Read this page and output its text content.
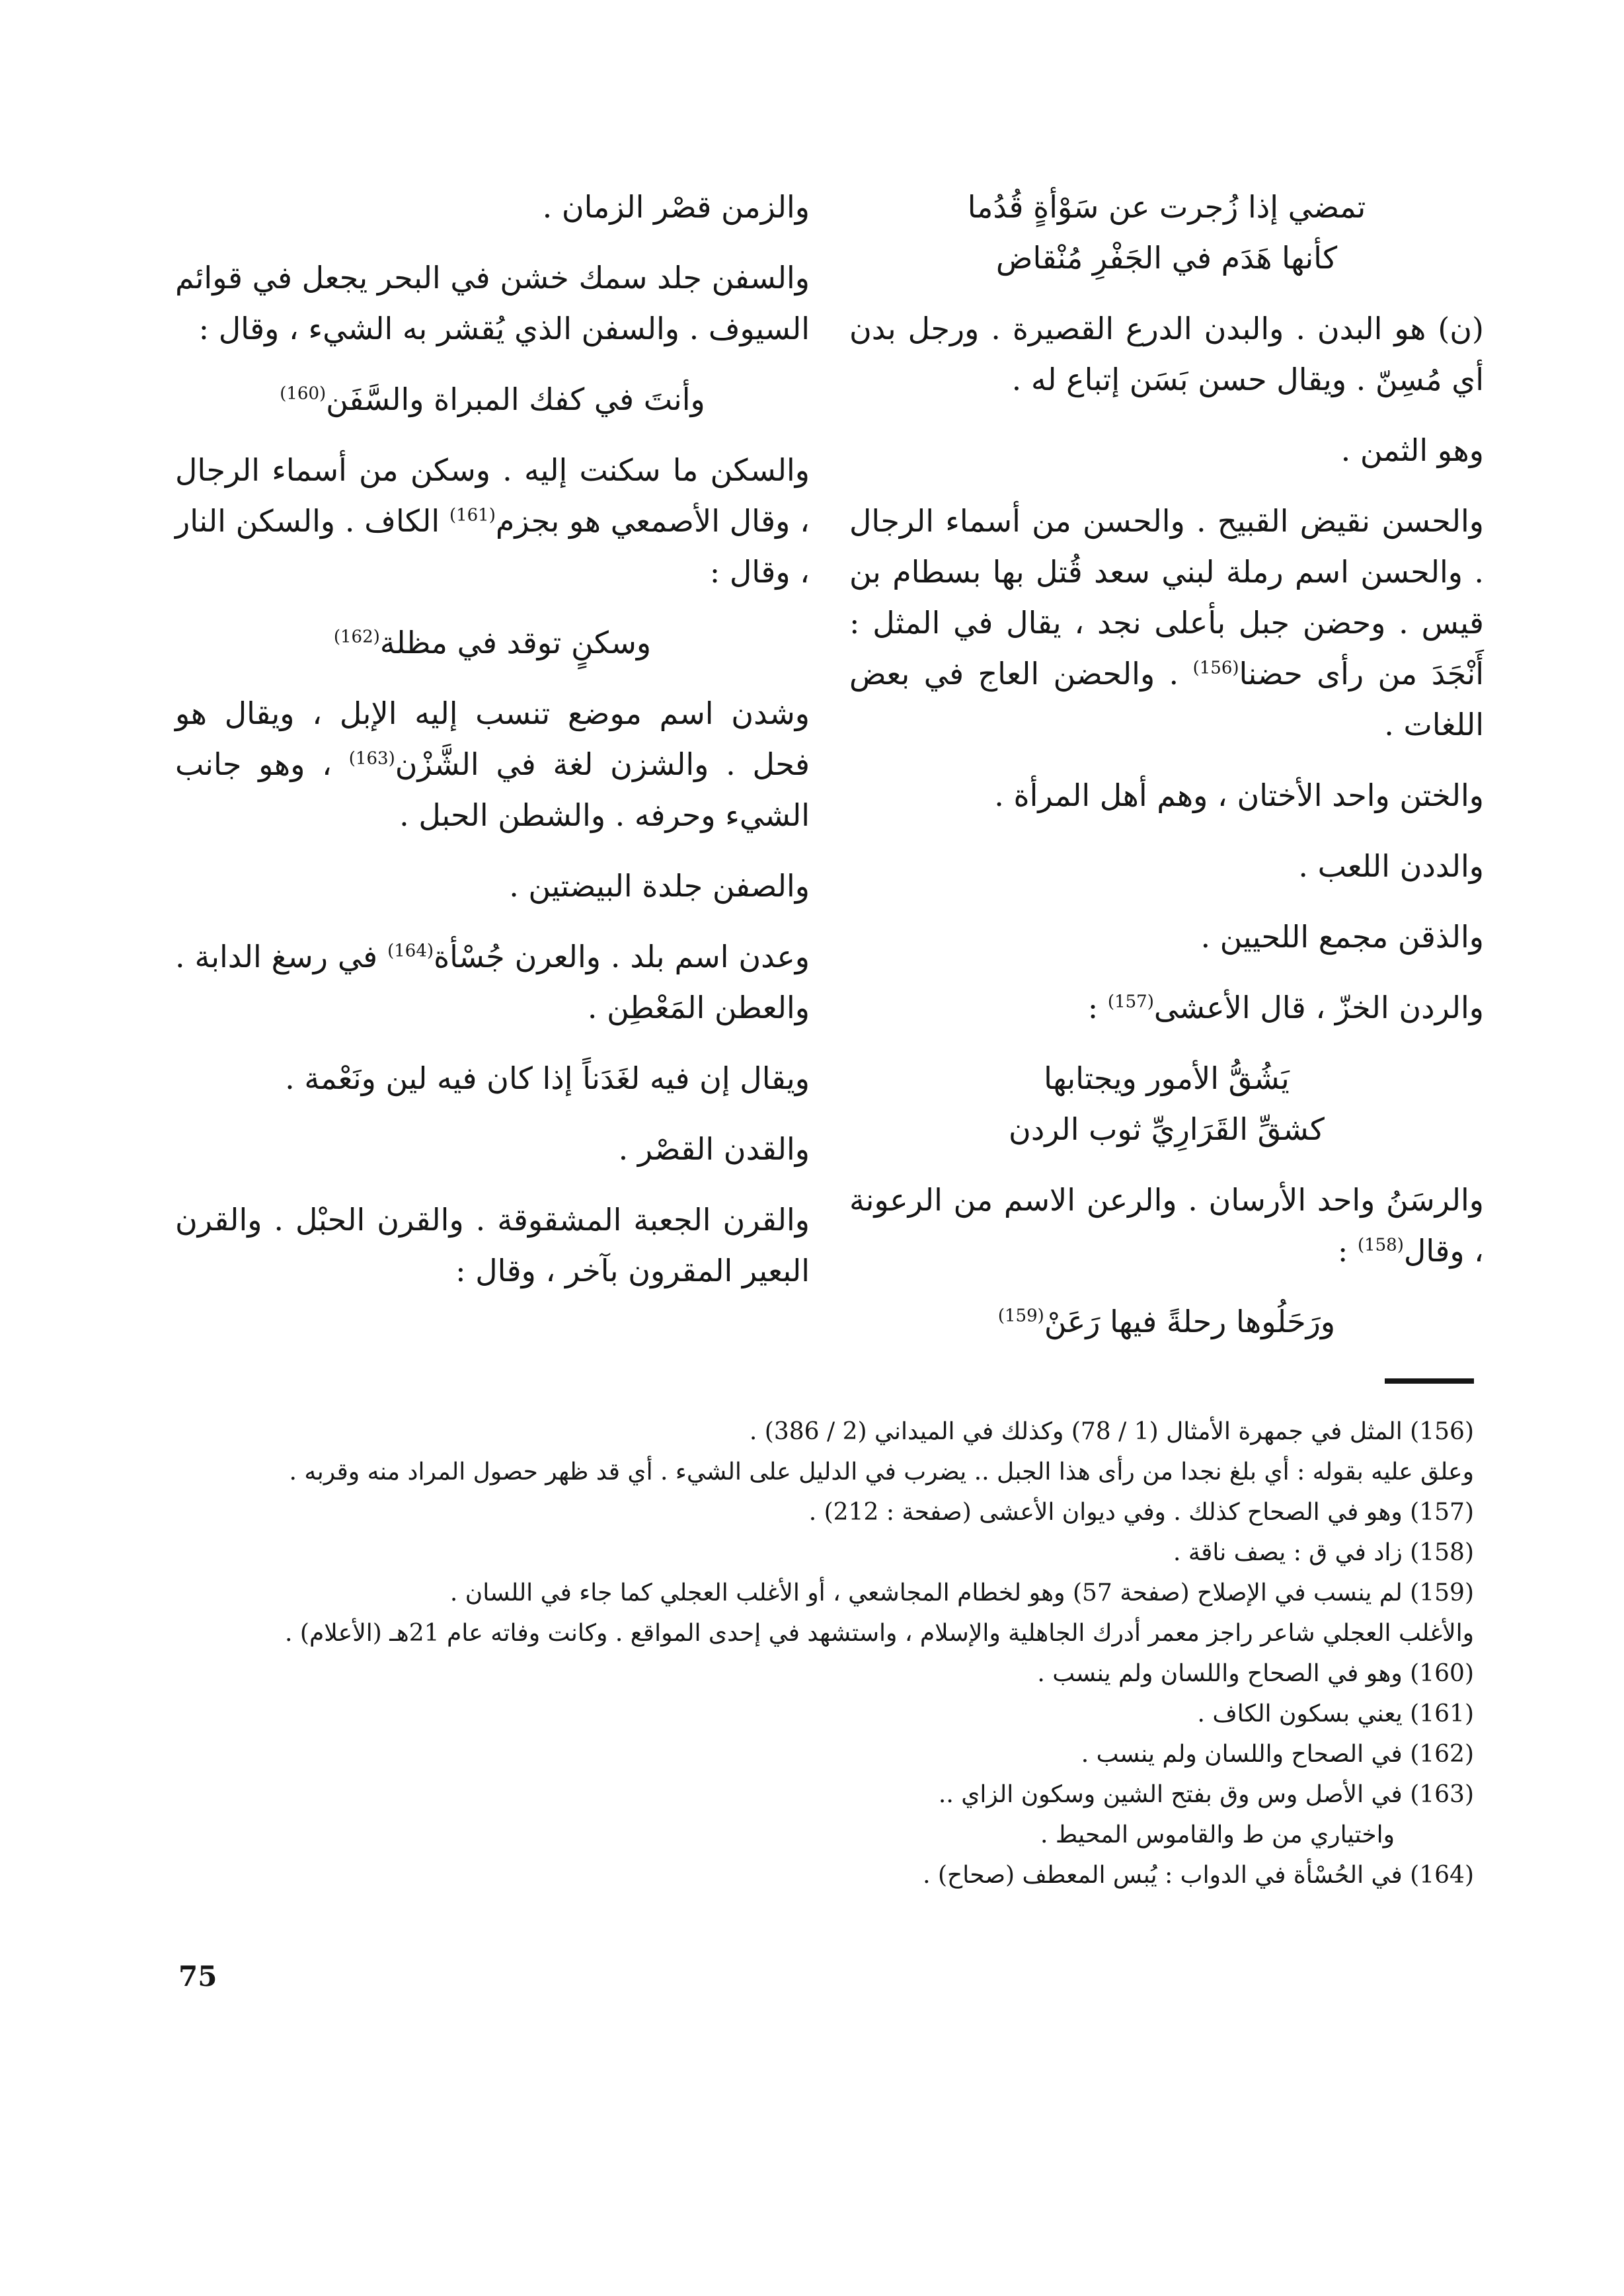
تمضي إذا زُجرت عن سَوْأةٍ قُدُما
كأنها هَدَم في الجَفْرِ مُنْقاض

(ن) هو البدن . والبدن الدرع القصيرة . ورجل بدن أي مُسِنّ . ويقال حسن بَسَن إتباع له .

وهو الثمن .

والحسن نقيض القبيح . والحسن من أسماء الرجال . والحسن اسم رملة لبني سعد قُتل بها بسطام بن قيس . وحضن جبل بأعلى نجد ، يقال في المثل : أَنْجَدَ من رأى حضنا$^{(156)}$ . والحضن العاج في بعض اللغات .

والختن واحد الأختان ، وهم أهل المرأة .

والددن اللعب .

والذقن مجمع اللحيين .

والردن الخزّ ، قال الأعشى$^{(157)}$ :

يَشُقُّ الأمور ويجتابها
كشقِّ القَرَارِيِّ ثوب الردن

والرسَنُ واحد الأرسان . والرعن الاسم من الرعونة ، وقال$^{(158)}$ :

ورَحَلُوها رحلةً فيها رَعَنْ$^{(159)}$

والزمن قصْر الزمان .

والسفن جلد سمك خشن في البحر يجعل في قوائم السيوف . والسفن الذي يُقشر به الشيء ، وقال :

وأنتَ في كفك المبراة والسَّفَن$^{(160)}$

والسكن ما سكنت إليه . وسكن من أسماء الرجال ، وقال الأصمعي هو بجزم$^{(161)}$ الكاف . والسكن النار ، وقال :

وسكنٍ توقد في مظلة$^{(162)}$

وشدن اسم موضع تنسب إليه الإبل ، ويقال هو فحل . والشزن لغة في الشَّزْن$^{(163)}$ ، وهو جانب الشيء وحرفه . والشطن الحبل .

والصفن جلدة البيضتين .

وعدن اسم بلد . والعرن جُسْأة$^{(164)}$ في رسغ الدابة . والعطن المَعْطِن .

ويقال إن فيه لغَدَناً إذا كان فيه لين ونَعْمة .

والقدن القصْر .

والقرن الجعبة المشقوقة . والقرن الحبْل . والقرن البعير المقرون بآخر ، وقال :

(156) المثل في جمهرة الأمثال (1 / 78) وكذلك في الميداني (2 / 386) .
وعلق عليه بقوله : أي بلغ نجدا من رأى هذا الجبل .. يضرب في الدليل على الشيء . أي قد ظهر حصول المراد منه وقربه .
(157) وهو في الصحاح كذلك . وفي ديوان الأعشى (صفحة : 212) .
(158) زاد في ق : يصف ناقة .
(159) لم ينسب في الإصلاح (صفحة 57) وهو لخطام المجاشعي ، أو الأغلب العجلي كما جاء في اللسان .
والأغلب العجلي شاعر راجز معمر أدرك الجاهلية والإسلام ، واستشهد في إحدى المواقع . وكانت وفاته عام 21هـ (الأعلام) .
(160) وهو في الصحاح واللسان ولم ينسب .
(161) يعني بسكون الكاف .
(162) في الصحاح واللسان ولم ينسب .
(163) في الأصل وس وق بفتح الشين وسكون الزاي ..
واختياري من ط والقاموس المحيط .
(164) في الحُسْأة في الدواب : يُبس المعطف (صحاح) .
75
